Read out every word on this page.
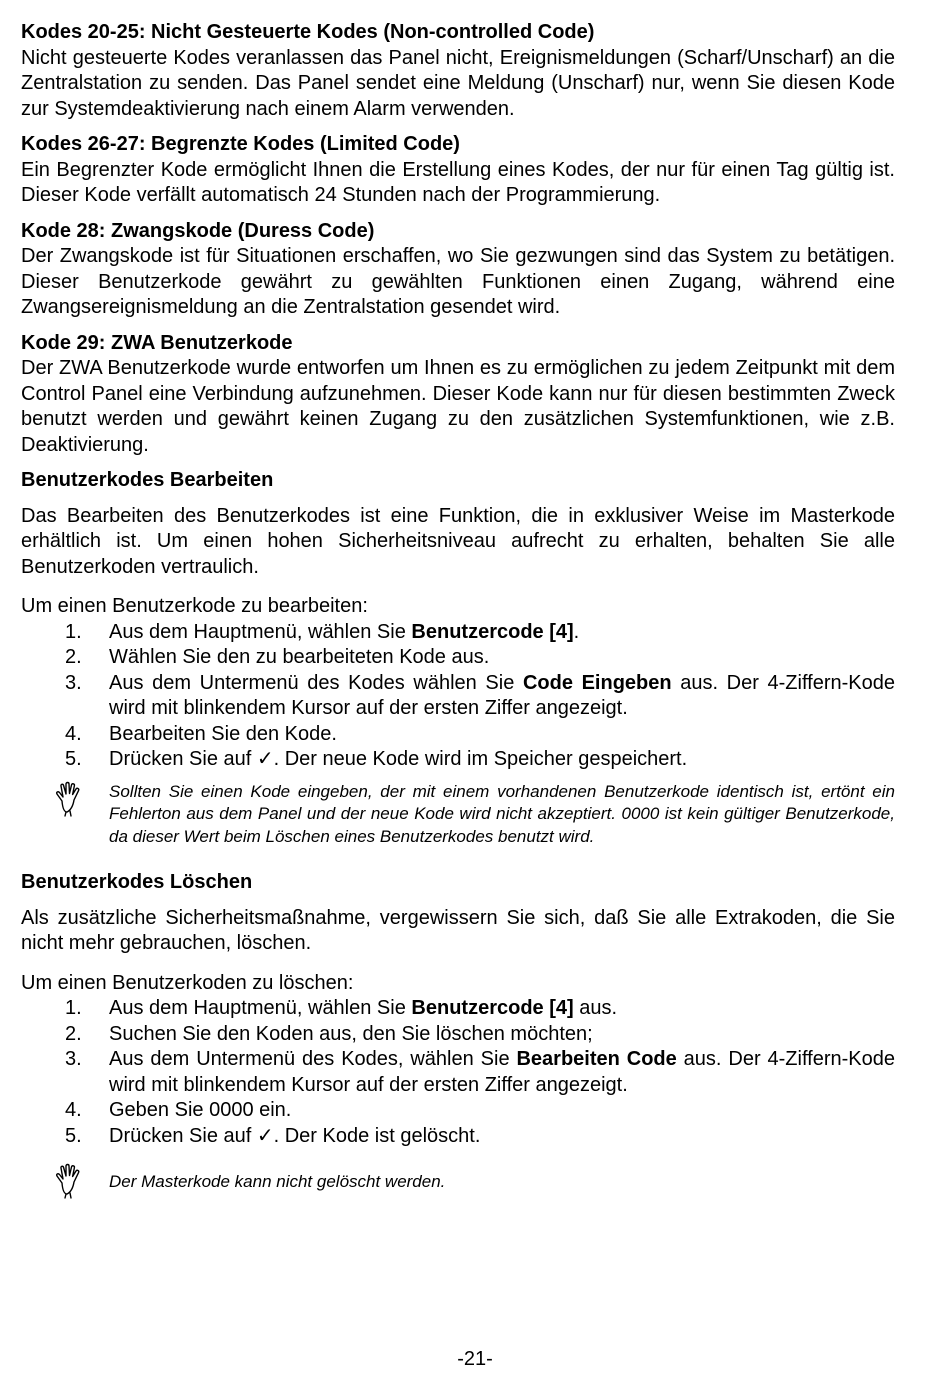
Kodes 20-25: Nicht Gesteuerte Kodes (Non-controlled Code)

Nicht gesteuerte Kodes veranlassen das Panel nicht, Ereignismeldungen (Scharf/Unscharf) an die Zentralstation zu senden. Das Panel sendet eine Meldung (Unscharf) nur, wenn Sie diesen Kode zur Systemdeaktivierung nach einem Alarm verwenden.

Kodes 26-27: Begrenzte Kodes (Limited Code)

Ein Begrenzter Kode ermöglicht Ihnen die Erstellung eines Kodes, der nur für einen Tag gültig ist. Dieser Kode verfällt automatisch 24 Stunden nach der Programmierung.

Kode 28: Zwangskode (Duress Code)

Der Zwangskode ist für Situationen erschaffen, wo Sie gezwungen sind das System zu betätigen. Dieser Benutzerkode gewährt zu gewählten Funktionen einen Zugang, während eine Zwangsereignismeldung an die Zentralstation gesendet wird.

Kode 29: ZWA Benutzerkode

Der ZWA Benutzerkode wurde entworfen um Ihnen es zu ermöglichen zu jedem Zeitpunkt mit dem Control Panel eine Verbindung aufzunehmen. Dieser Kode kann nur für diesen bestimmten Zweck benutzt werden und gewährt keinen Zugang zu den zusätzlichen Systemfunktionen, wie z.B. Deaktivierung.

Benutzerkodes Bearbeiten

Das Bearbeiten des Benutzerkodes ist eine Funktion, die in exklusiver Weise im Masterkode erhältlich ist. Um einen hohen Sicherheitsniveau aufrecht zu erhalten, behalten Sie alle Benutzerkoden vertraulich.

Um einen Benutzerkode zu bearbeiten:

1.	Aus dem Hauptmenü, wählen Sie Benutzercode [4].
2.	Wählen Sie den zu bearbeiteten Kode aus.
3.	Aus dem Untermenü des Kodes wählen Sie Code Eingeben aus. Der 4-Ziffern-Kode wird mit blinkendem Kursor auf der ersten Ziffer angezeigt.
4.	Bearbeiten Sie den Kode.
5.	Drücken Sie auf ✓. Der neue Kode wird im Speicher gespeichert.
Sollten Sie einen Kode eingeben, der mit einem vorhandenen Benutzerkode identisch ist, ertönt ein Fehlerton aus dem Panel und der neue Kode wird nicht akzeptiert. 0000 ist kein gültiger Benutzerkode, da dieser Wert beim Löschen eines Benutzerkodes benutzt wird.

Benutzerkodes Löschen

Als zusätzliche Sicherheitsmaßnahme, vergewissern Sie sich, daß Sie alle Extrakoden, die Sie nicht mehr gebrauchen, löschen.

Um einen Benutzerkoden zu löschen:

1.	Aus dem Hauptmenü, wählen Sie Benutzercode [4] aus.
2.	Suchen Sie den Koden aus, den Sie löschen möchten;
3.	Aus dem Untermenü des Kodes, wählen Sie Bearbeiten Code aus. Der 4-Ziffern-Kode wird mit blinkendem Kursor auf der ersten Ziffer angezeigt.
4.	Geben Sie 0000 ein.
5.	Drücken Sie auf ✓. Der Kode ist gelöscht.
Der Masterkode kann nicht gelöscht werden.
-21-
